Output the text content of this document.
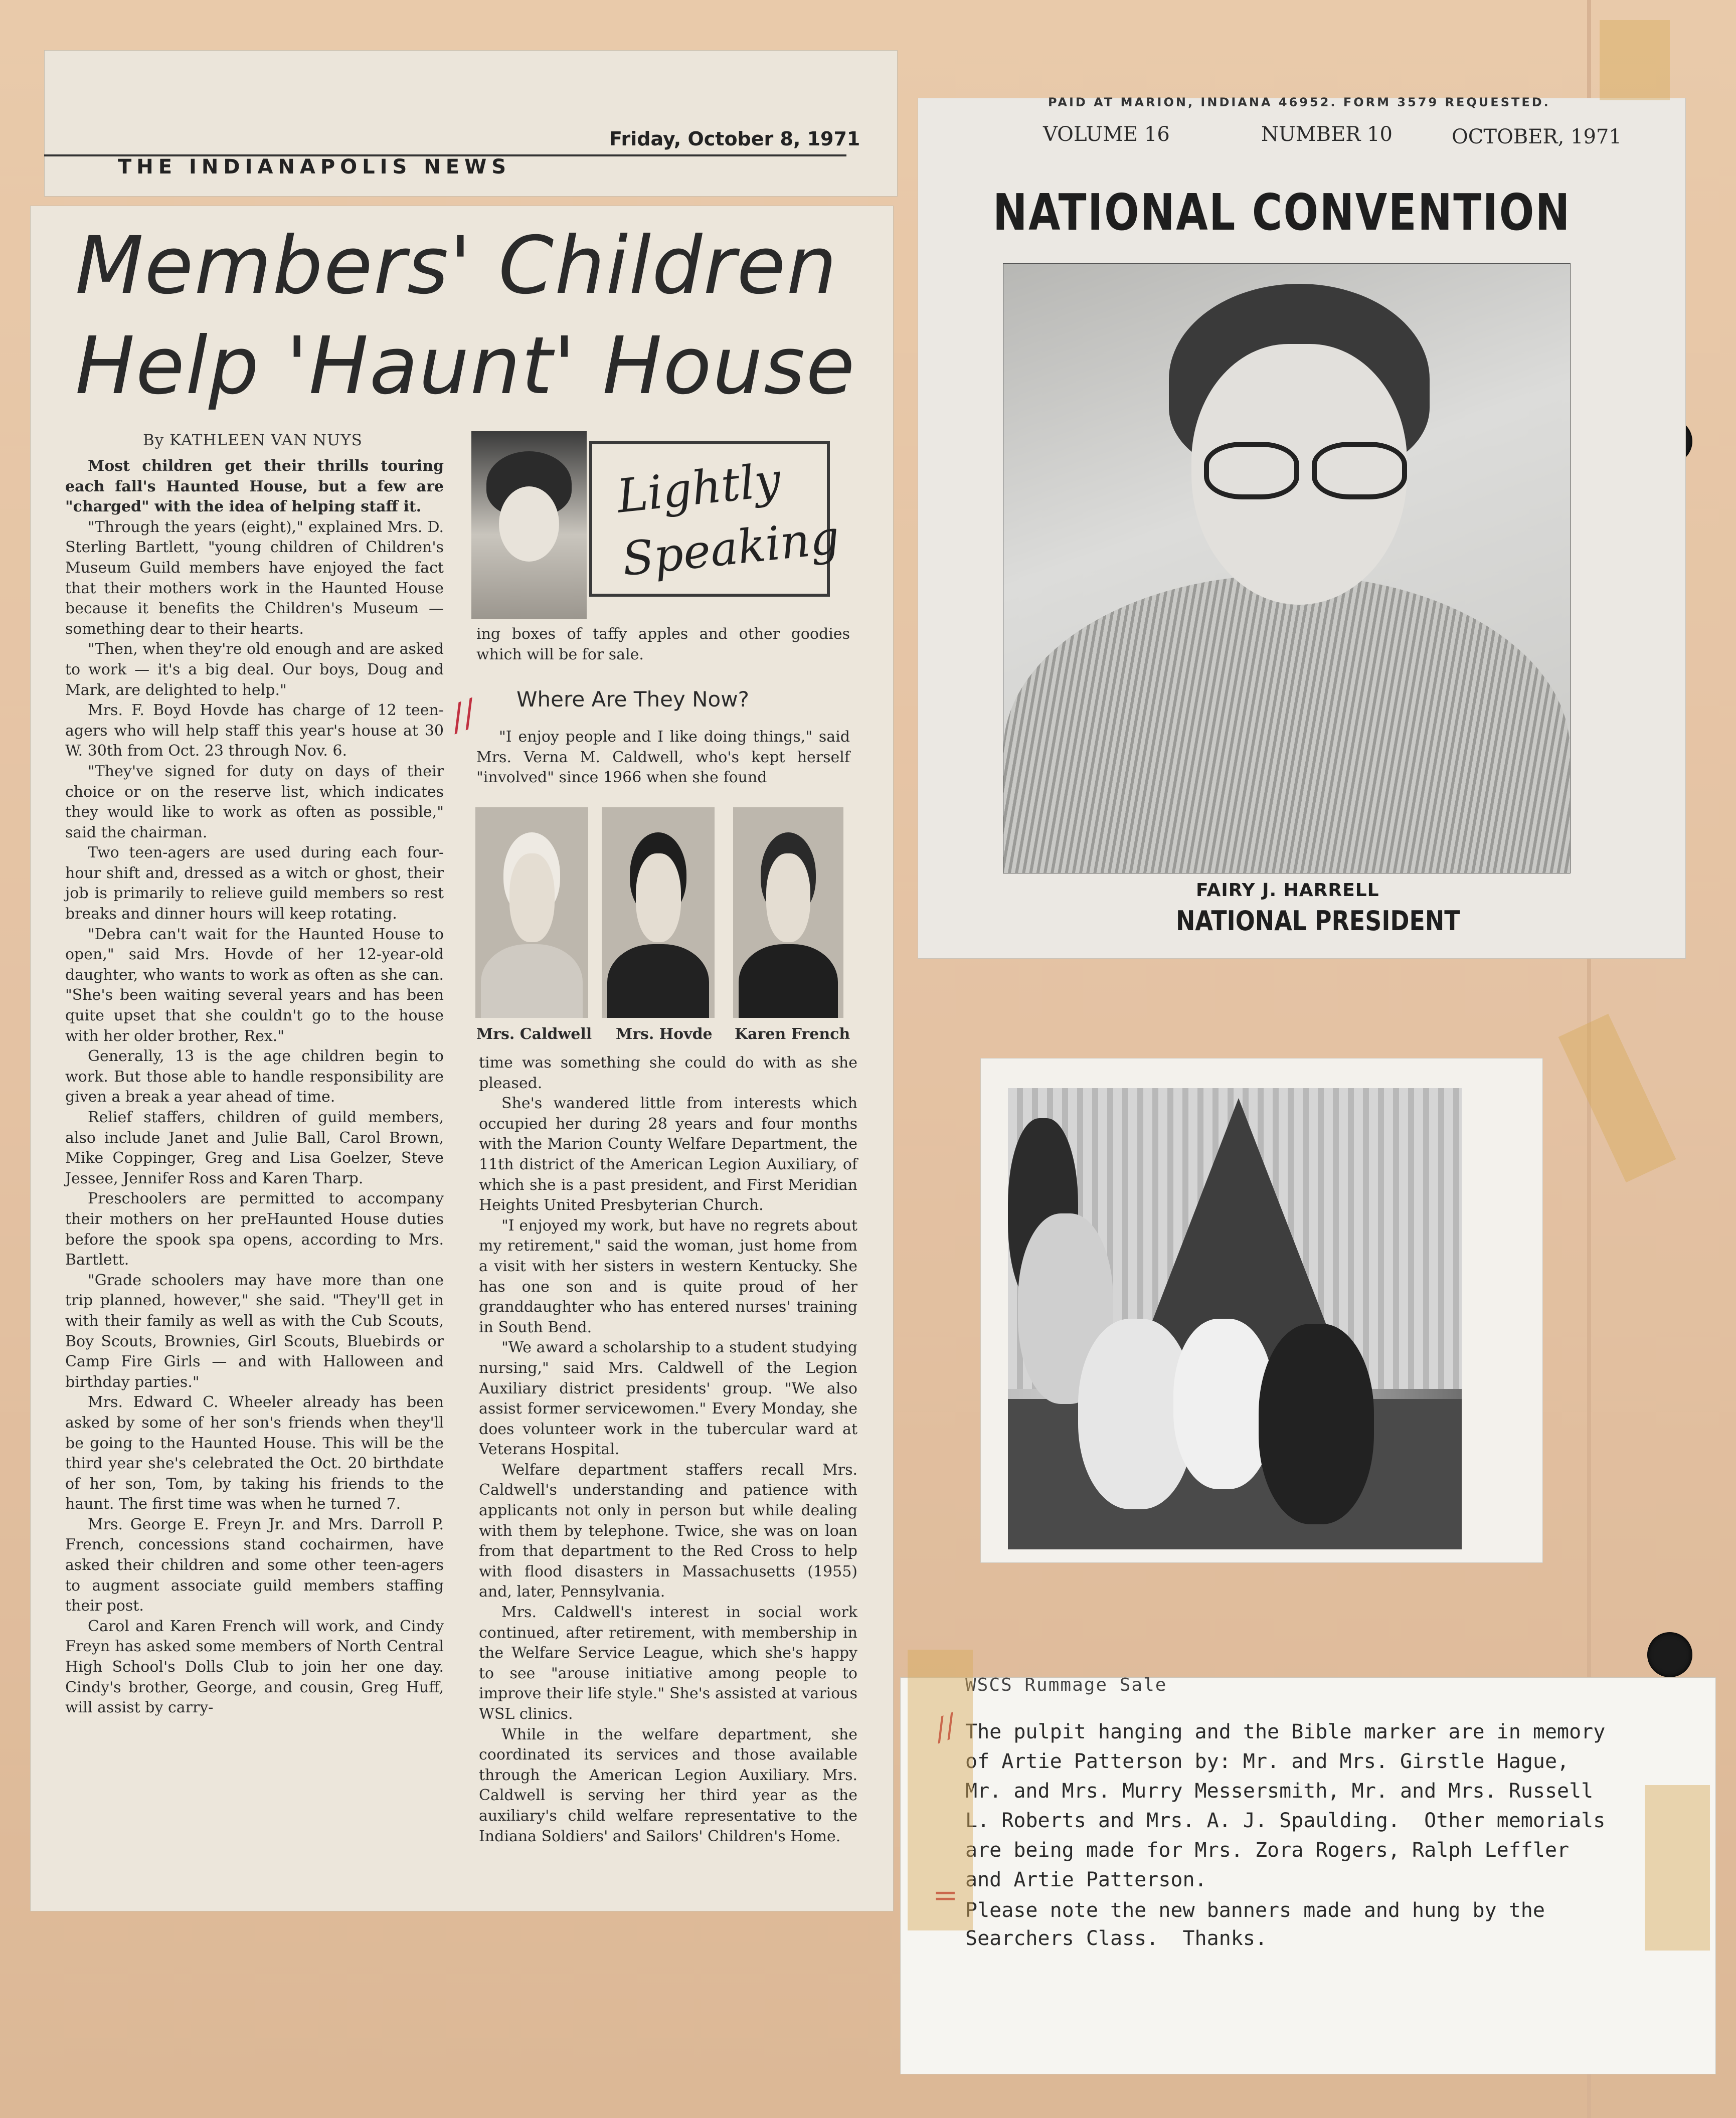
Friday, October 8, 1971
THE INDIANAPOLIS NEWS
Members' Children
Help 'Haunt' House
By KATHLEEN VAN NUYS
Lightly
Speaking

Most children get their thrills touring each fall's Haunted House, but a few are "charged" with the idea of helping staff it.

"Through the years (eight)," explained Mrs. D. Sterling Bartlett, "young children of Children's Museum Guild members have enjoyed the fact that their mothers work in the Haunted House because it benefits the Children's Museum — something dear to their hearts.

"Then, when they're old enough and are asked to work — it's a big deal. Our boys, Doug and Mark, are delighted to help."

Mrs. F. Boyd Hovde has charge of 12 teen-agers who will help staff this year's house at 30 W. 30th from Oct. 23 through Nov. 6.

"They've signed for duty on days of their choice or on the reserve list, which indicates they would like to work as often as possible," said the chairman.

Two teen-agers are used during each four-hour shift and, dressed as a witch or ghost, their job is primarily to relieve guild members so rest breaks and dinner hours will keep rotating.

"Debra can't wait for the Haunted House to open," said Mrs. Hovde of her 12-year-old daughter, who wants to work as often as she can. "She's been waiting several years and has been quite upset that she couldn't go to the house with her older brother, Rex."

Generally, 13 is the age children begin to work. But those able to handle responsibility are given a break a year ahead of time.

Relief staffers, children of guild members, also include Janet and Julie Ball, Carol Brown, Mike Coppinger, Greg and Lisa Goelzer, Steve Jessee, Jennifer Ross and Karen Tharp.

Preschoolers are permitted to accompany their mothers on her preHaunted House duties before the spook spa opens, according to Mrs. Bartlett.

"Grade schoolers may have more than one trip planned, however," she said. "They'll get in with their family as well as with the Cub Scouts, Boy Scouts, Brownies, Girl Scouts, Bluebirds or Camp Fire Girls — and with Halloween and birthday parties."

Mrs. Edward C. Wheeler already has been asked by some of her son's friends when they'll be going to the Haunted House. This will be the third year she's celebrated the Oct. 20 birthdate of her son, Tom, by taking his friends to the haunt. The first time was when he turned 7.

Mrs. George E. Freyn Jr. and Mrs. Darroll P. French, concessions stand cochairmen, have asked their children and some other teen-agers to augment associate guild members staffing their post.

Carol and Karen French will work, and Cindy Freyn has asked some members of North Central High School's Dolls Club to join her one day. Cindy's brother, George, and cousin, Greg Huff, will assist by carry-

ing boxes of taffy apples and other goodies which will be for sale.

Where Are They Now?

"I enjoy people and I like doing things," said Mrs. Verna M. Caldwell, who's kept herself "involved" since 1966 when she found

//
Mrs. Caldwell Mrs. Hovde Karen French

time was something she could do with as she pleased.

She's wandered little from interests which occupied her during 28 years and four months with the Marion County Welfare Department, the 11th district of the American Legion Auxiliary, of which she is a past president, and First Meridian Heights United Presbyterian Church.

"I enjoyed my work, but have no regrets about my retirement," said the woman, just home from a visit with her sisters in western Kentucky. She has one son and is quite proud of her granddaughter who has entered nurses' training in South Bend.

"We award a scholarship to a student studying nursing," said Mrs. Caldwell of the Legion Auxiliary district presidents' group. "We also assist former servicewomen." Every Monday, she does volunteer work in the tubercular ward at Veterans Hospital.

Welfare department staffers recall Mrs. Caldwell's understanding and patience with applicants not only in person but while dealing with them by telephone. Twice, she was on loan from that department to the Red Cross to help with flood disasters in Massachusetts (1955) and, later, Pennsylvania.

Mrs. Caldwell's interest in social work continued, after retirement, with membership in the Welfare Service League, which she's happy to see "arouse initiative among people to improve their life style." She's assisted at various WSL clinics.

While in the welfare department, she coordinated its services and those available through the American Legion Auxiliary. Mrs. Caldwell is serving her third year as the auxiliary's child welfare representative to the Indiana Soldiers' and Sailors' Children's Home.

PAID AT MARION, INDIANA 46952. FORM 3579 REQUESTED.
VOLUME 16	NUMBER 10	OCTOBER, 1971
NATIONAL CONVENTION
FAIRY J. HARRELL
NATIONAL PRESIDENT
WSCS Rummage Sale
The pulpit hanging and the Bible marker are in memory
of Artie Patterson by: Mr. and Mrs. Girstle Hague,
Mr. and Mrs. Murry Messersmith, Mr. and Mrs. Russell
L. Roberts and Mrs. A. J. Spaulding.  Other memorials
are being made for Mrs. Zora Rogers, Ralph Leffler
and Artie Patterson.
Please note the new banners made and hung by the
Searchers Class.  Thanks.
//
=
